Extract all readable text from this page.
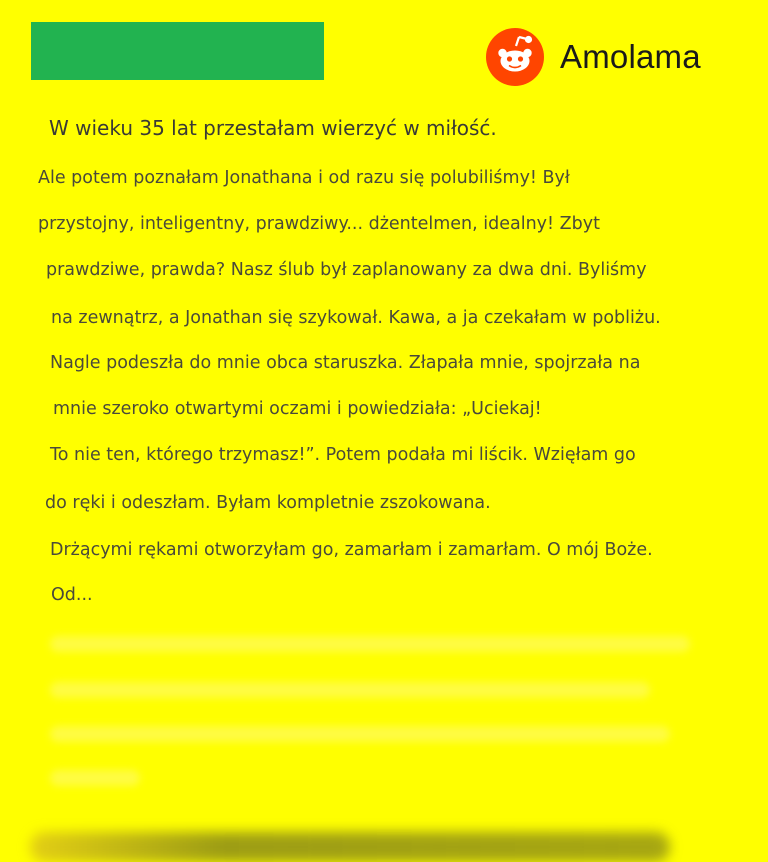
Amolama
W wieku 35 lat przestałam wierzyć w miłość.
Ale potem poznałam Jonathana i od razu się polubiliśmy! Był
przystojny, inteligentny, prawdziwy... dżentelmen, idealny! Zbyt
prawdziwe, prawda? Nasz ślub był zaplanowany za dwa dni. Byliśmy
na zewnątrz, a Jonathan się szykował. Kawa, a ja czekałam w pobliżu.
Nagle podeszła do mnie obca staruszka. Złapała mnie, spojrzała na
mnie szeroko otwartymi oczami i powiedziała: „Uciekaj!
To nie ten, którego trzymasz!”. Potem podała mi liścik. Wzięłam go
do ręki i odeszłam. Byłam kompletnie zszokowana.
Drżącymi rękami otworzyłam go, zamarłam i zamarłam. O mój Boże.
Od...
